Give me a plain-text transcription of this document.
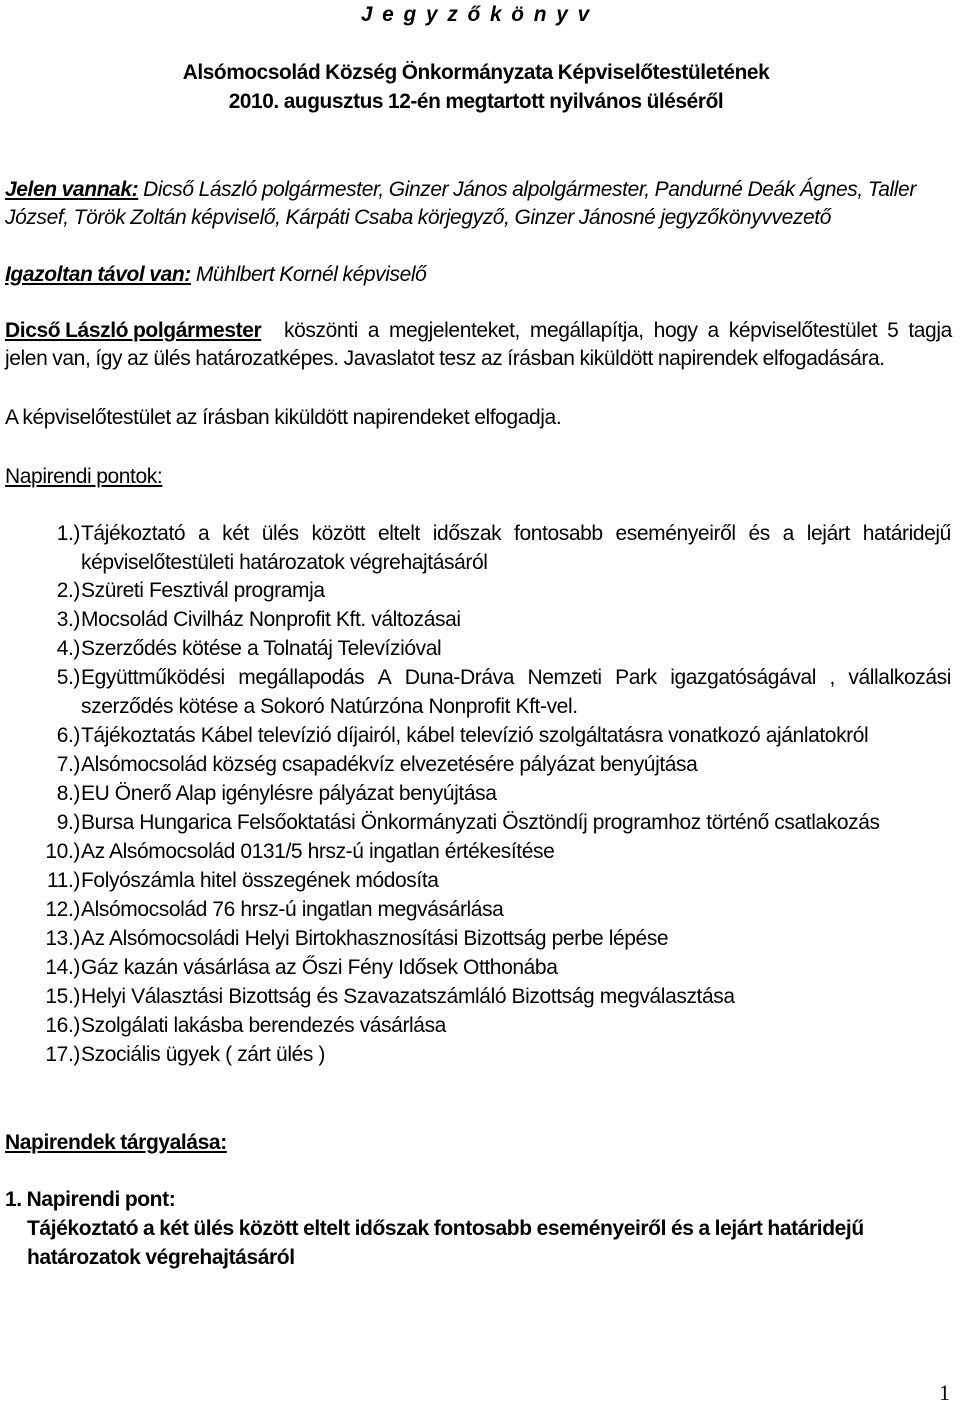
J e g y z ő k ö n y v
Alsómocsolád Község Önkormányzata Képviselőtestületének
2010. augusztus 12-én megtartott nyilvános üléséről
Jelen vannak: Dicső László polgármester, Ginzer János alpolgármester, Pandurné Deák Ágnes, Taller
József, Török Zoltán képviselő, Kárpáti Csaba körjegyző, Ginzer Jánosné jegyzőkönyvvezető
Igazoltan távol van: Mühlbert Kornél képviselő
Dicső László polgármester köszönti a megjelenteket, megállapítja, hogy a képviselőtestület 5 tagja
jelen van, így az ülés határozatképes. Javaslatot tesz az írásban kiküldött napirendek elfogadására.
A képviselőtestület az írásban kiküldött napirendeket elfogadja.
Napirendi pontok:
1.) Tájékoztató a két ülés között eltelt időszak fontosabb eseményeiről és a lejárt határidejű
képviselőtestületi határozatok végrehajtásáról
2.) Szüreti Fesztivál programja
3.) Mocsolád Civilház Nonprofit Kft. változásai
4.) Szerződés kötése a Tolnatáj Televízióval
5.) Együttműködési megállapodás A Duna-Dráva Nemzeti Park igazgatóságával , vállalkozási
szerződés kötése a Sokoró Natúrzóna Nonprofit Kft-vel.
6.) Tájékoztatás Kábel televízió díjairól, kábel televízió szolgáltatásra vonatkozó ajánlatokról
7.) Alsómocsolád község csapadékvíz elvezetésére pályázat benyújtása
8.) EU Önerő Alap igénylésre pályázat benyújtása
9.) Bursa Hungarica Felsőoktatási Önkormányzati Ösztöndíj programhoz történő csatlakozás
10.) Az Alsómocsolád 0131/5 hrsz-ú ingatlan értékesítése
11.) Folyószámla hitel összegének módosíta
12.) Alsómocsolád 76 hrsz-ú ingatlan megvásárlása
13.) Az Alsómocsoládi Helyi Birtokhasznosítási Bizottság perbe lépése
14.) Gáz kazán vásárlása az Őszi Fény Idősek Otthonába
15.) Helyi Választási Bizottság és Szavazatszámláló Bizottság megválasztása
16.) Szolgálati lakásba berendezés vásárlása
17.) Szociális ügyek ( zárt ülés )
Napirendek tárgyalása:
1. Napirendi pont:
Tájékoztató a két ülés között eltelt időszak fontosabb eseményeiről és a lejárt határidejű
határozatok végrehajtásáról
1
